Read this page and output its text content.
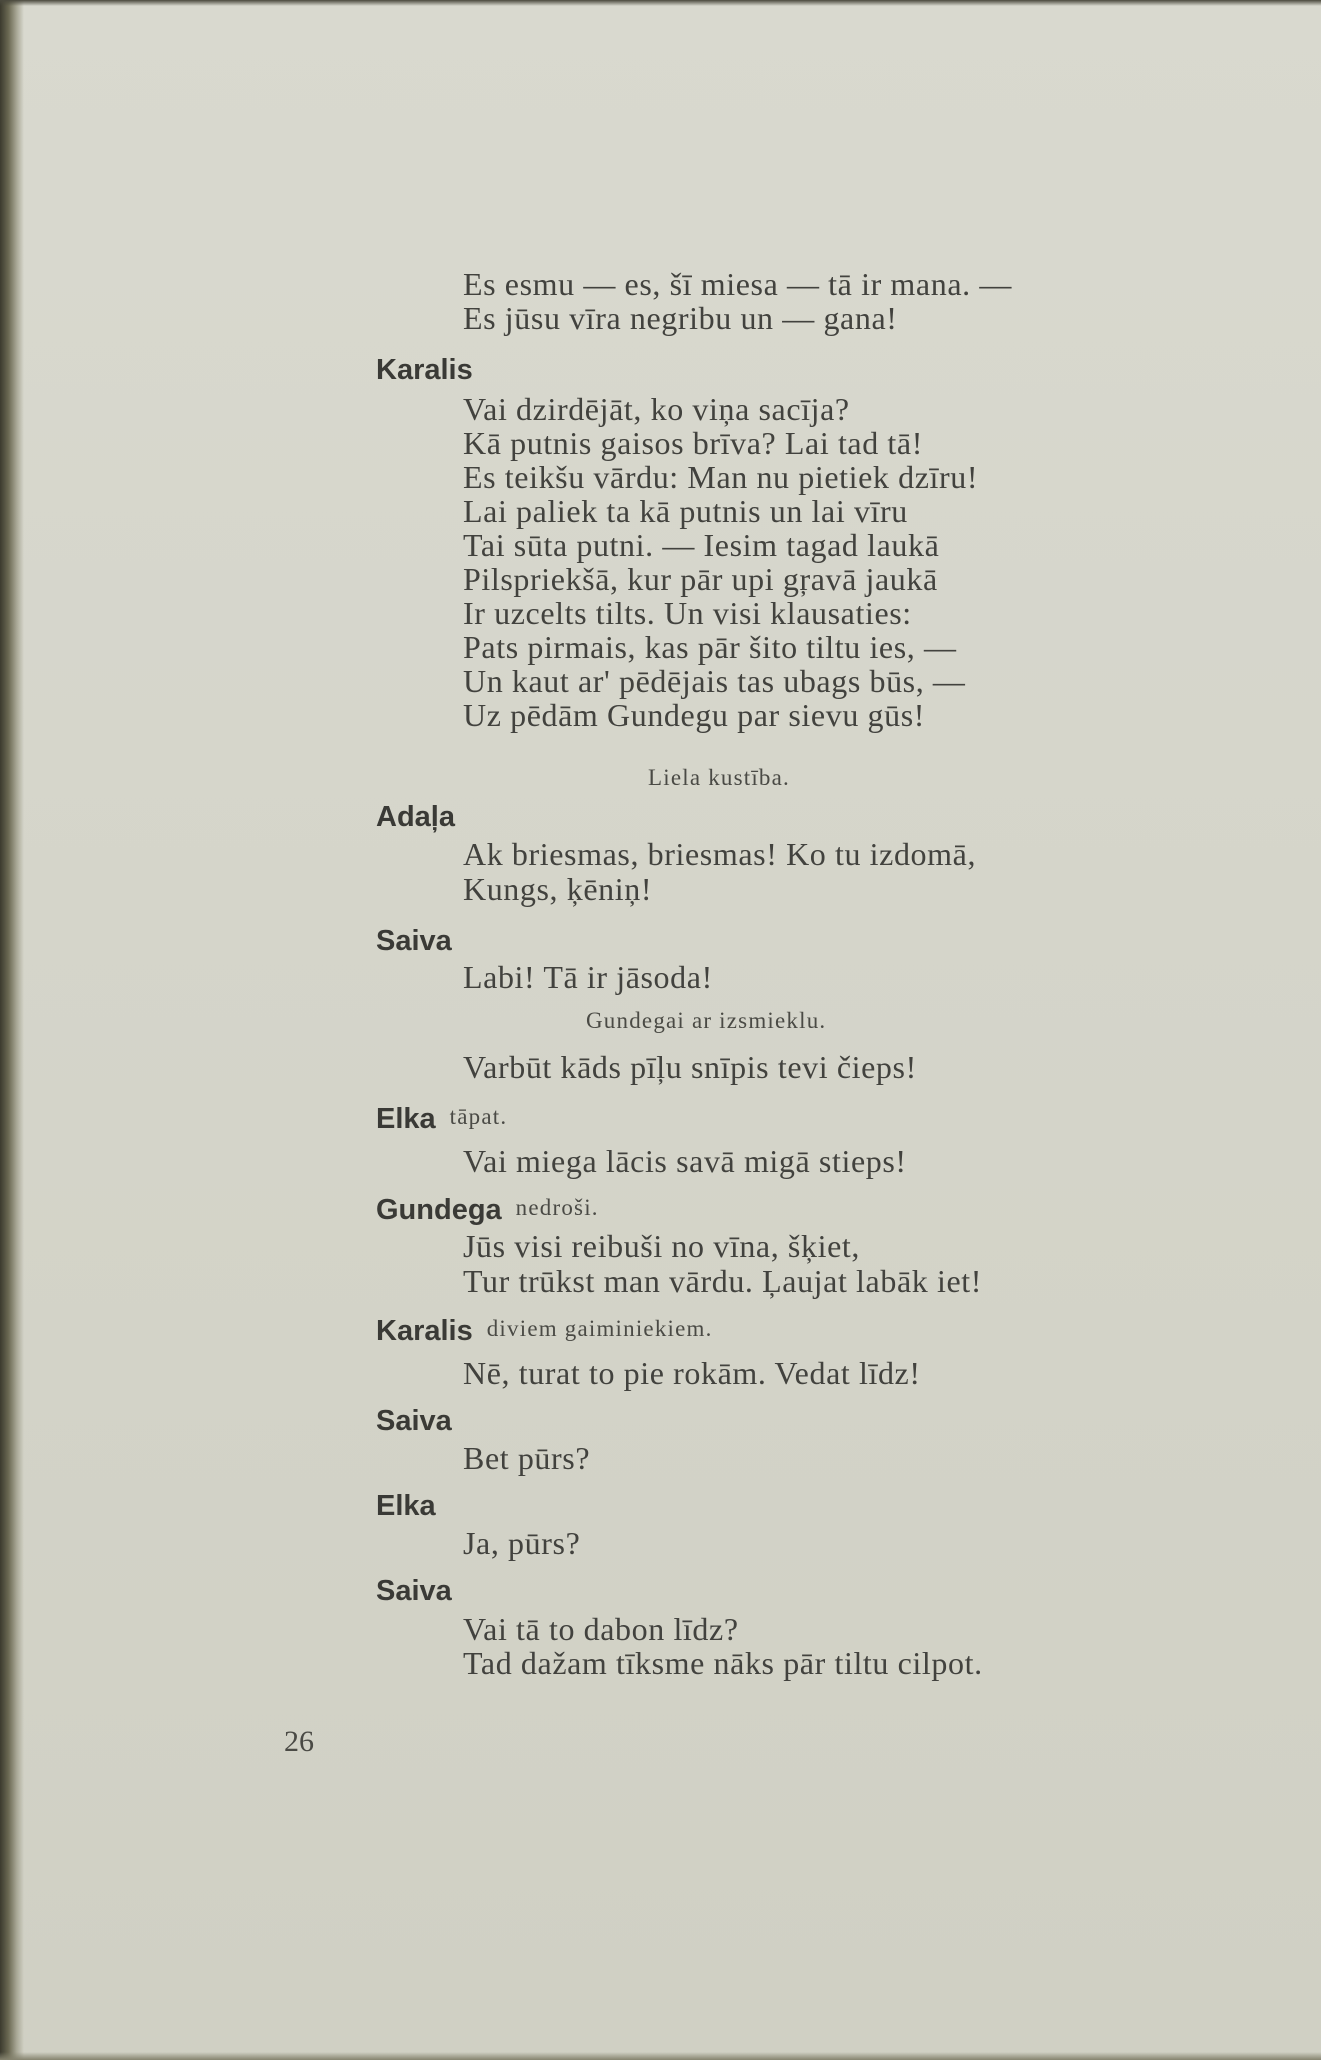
Es esmu — es, šī miesa — tā ir mana. —
Es jūsu vīra negribu un — gana!
Karalis
Vai dzirdējāt, ko viņa sacīja?
Kā putnis gaisos brīva? Lai tad tā!
Es teikšu vārdu: Man nu pietiek dzīru!
Lai paliek ta kā putnis un lai vīru
Tai sūta putni. — Iesim tagad laukā
Pilspriekšā, kur pār upi gŗavā jaukā
Ir uzcelts tilts. Un visi klausaties:
Pats pirmais, kas pār šito tiltu ies, —
Un kaut ar' pēdējais tas ubags būs, —
Uz pēdām Gundegu par sievu gūs!
Liela kustība.
Adaļa
Ak briesmas, briesmas! Ko tu izdomā,
Kungs, ķēniņ!
Saiva
Labi! Tā ir jāsoda!
Gundegai ar izsmieklu.
Varbūt kāds pīļu snīpis tevi čieps!
Elka tāpat.
Vai miega lācis savā migā stieps!
Gundega nedroši.
Jūs visi reibuši no vīna, šķiet,
Tur trūkst man vārdu. Ļaujat labāk iet!
Karalis diviem gaiminiekiem.
Nē, turat to pie rokām. Vedat līdz!
Saiva
Bet pūrs?
Elka
Ja, pūrs?
Saiva
Vai tā to dabon līdz?
Tad dažam tīksme nāks pār tiltu cilpot.
26
